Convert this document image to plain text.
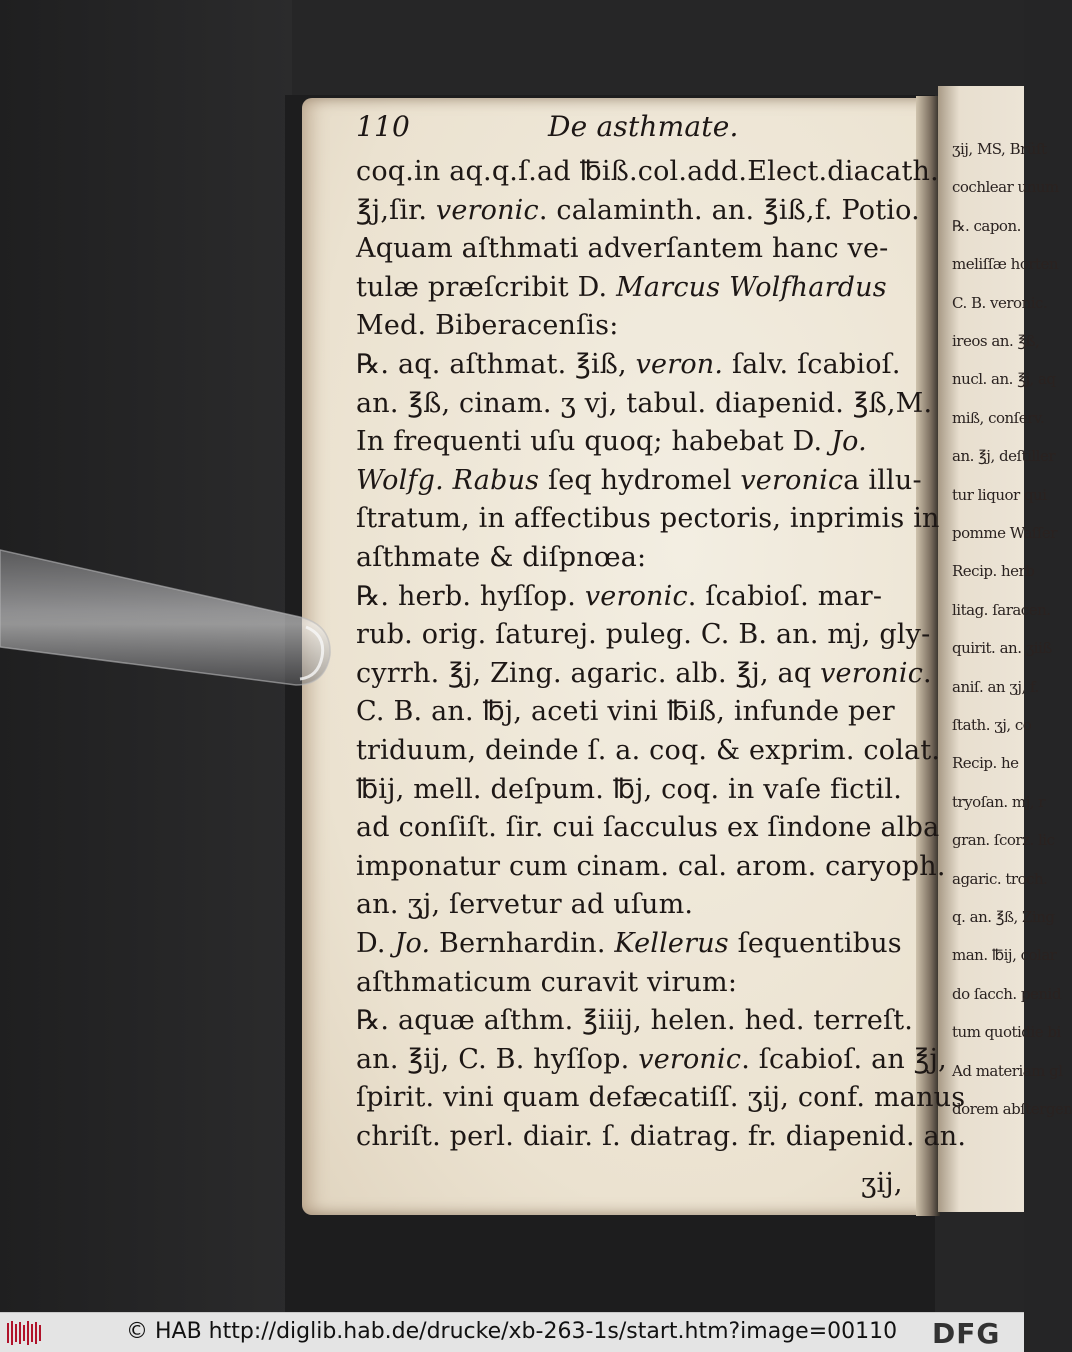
ʒij, MS, Brüſt
cochlear unum
℞. capon.
meliſſæ horten
C. B. veronic.
ireos an. ℥ß,
nucl. an. ℥j, aq
miß, conſerv.
an. ℥j, deſtiller
tur liquor qui
pomme Waſſer
Recip. herb
litag. ſaracen.
quirit. an. ʒiiß
aniſ. an ʒj, f.
ſtath. ʒj, co
Recip. he
tryoſan. mj, r
gran. ſcorz. lic
agaric. troch.
q. an. ℥ß, Zing
man. ℔ij, colar
do ſacch. penid
tum quotidie bi
Ad materiam gl
dorem abſtergen
110	De asthmate.
coq.in aq.q.ſ.ad ℔iß.col.add.Elect.diacath.
℥j,ſir. veronic. calaminth. an. ℥iß,f. Potio.
Aquam aſthmati adverſantem hanc ve-
tulæ præſcribit D. Marcus Wolfhardus
Med. Biberacenſis:
℞. aq. aſthmat. ℥iß, veron. ſalv. ſcabioſ.
an. ℥ß, cinam. ʒ vj, tabul. diapenid. ℥ß,M.
In frequenti uſu quoq; habebat D. Jo.
Wolfg. Rabus ſeq hydromel veronica illu-
ſtratum, in affectibus pectoris, inprimis in
aſthmate & diſpnœa:
℞. herb. hyſſop. veronic. ſcabioſ. mar-
rub. orig. ſaturej. puleg. C. B. an. mj, gly-
cyrrh. ℥j, Zing. agaric. alb. ℥j, aq veronic.
C. B. an. ℔j, aceti vini ℔iß, infunde per
triduum, deinde ſ. a. coq. & exprim. colat.
℔ij, mell. deſpum. ℔j, coq. in vaſe fictil.
ad conſiſt. ſir. cui ſacculus ex ſindone alba
imponatur cum cinam. cal. arom. caryoph.
an. ʒj, ſervetur ad uſum.
D. Jo. Bernhardin. Kellerus ſequentibus
aſthmaticum curavit virum:
℞. aquæ aſthm. ℥iiij, helen. hed. terreſt.
an. ℥ij, C. B. hyſſop. veronic. ſcabioſ. an ℥j,
ſpirit. vini quam defæcatiſſ. ʒij, conf. manus
chriſt. perl. diair. ſ. diatrag. fr. diapenid. an.
ʒij,
© HAB http://diglib.hab.de/drucke/xb-263-1s/start.htm?image=00110 DFG
